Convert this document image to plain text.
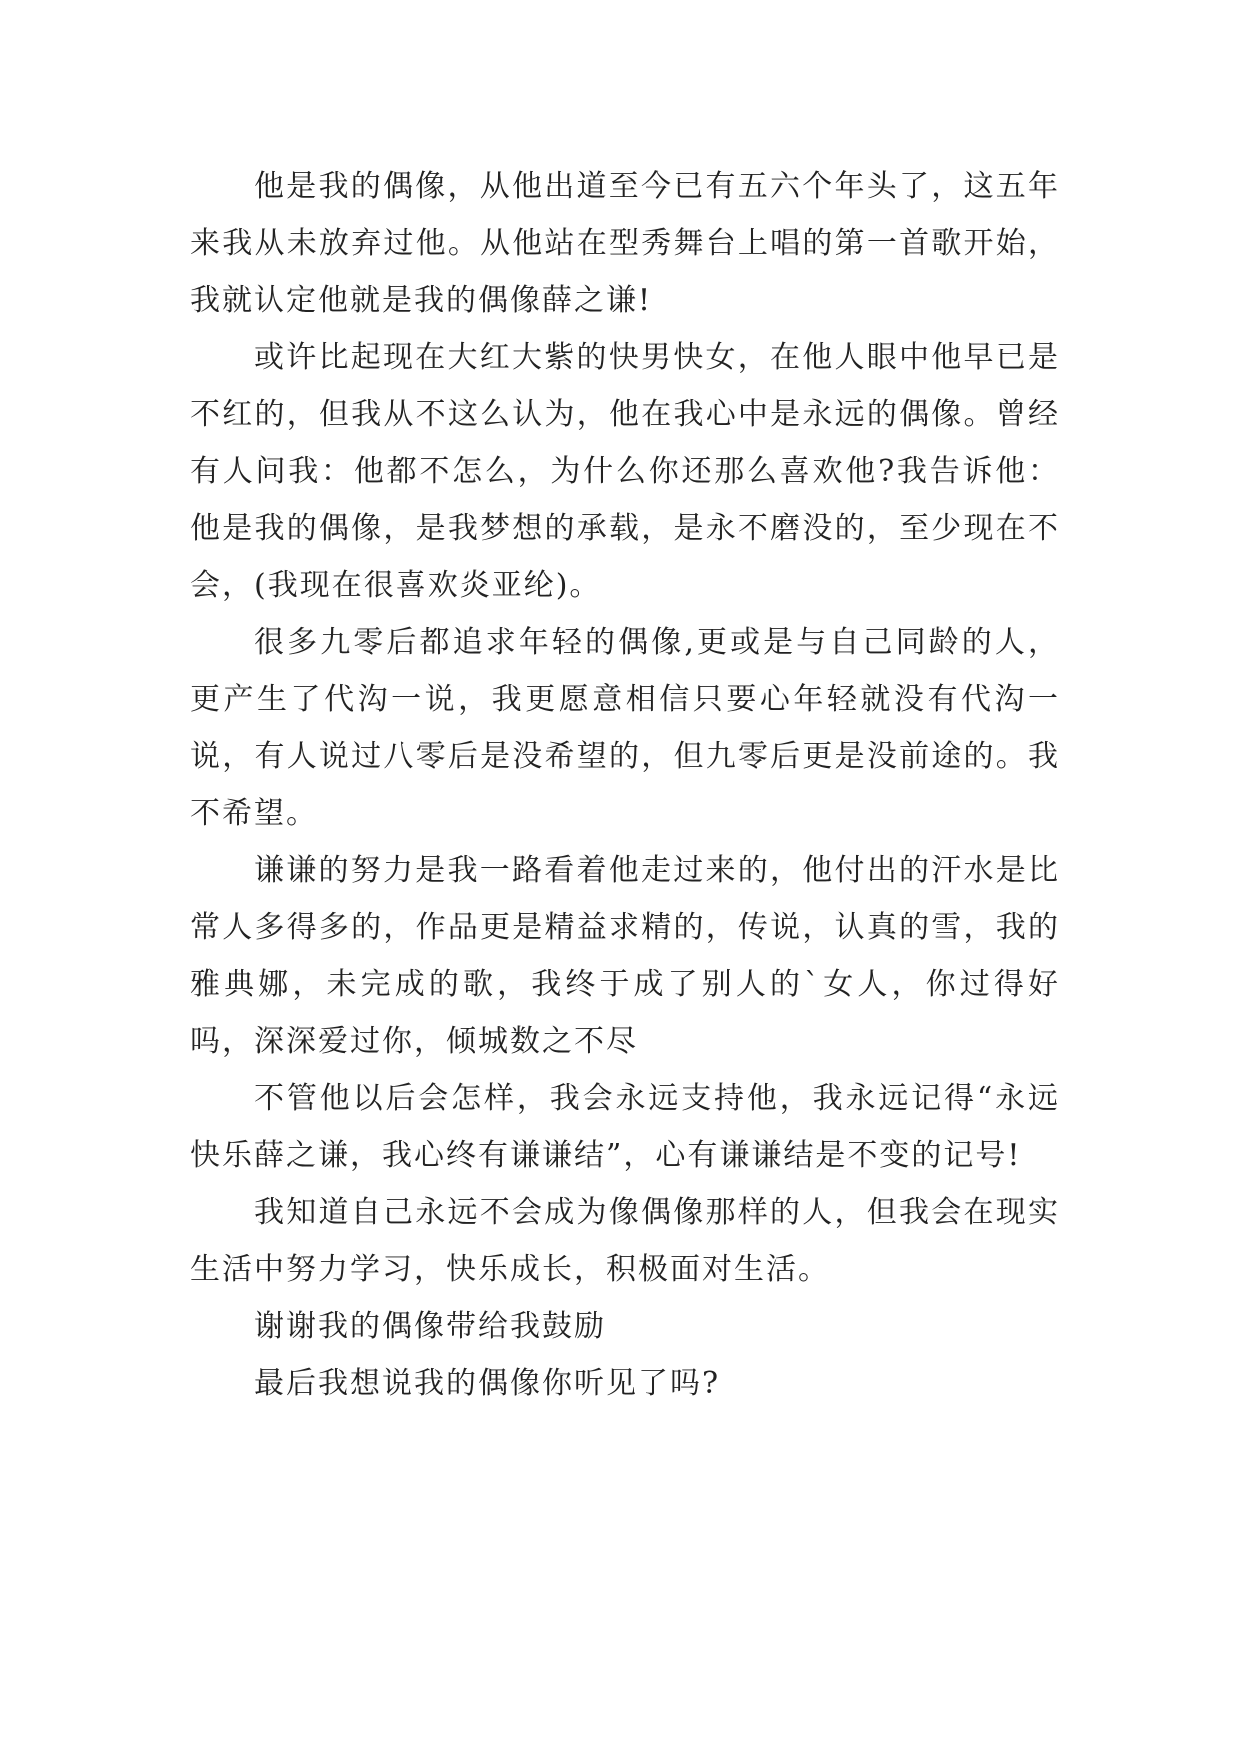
他是我的偶像，从他出道至今已有五六个年头了，这五年来我从未放弃过他。从他站在型秀舞台上唱的第一首歌开始，我就认定他就是我的偶像薛之谦!

或许比起现在大红大紫的快男快女，在他人眼中他早已是不红的，但我从不这么认为，他在我心中是永远的偶像。曾经有人问我：他都不怎么，为什么你还那么喜欢他?我告诉他：他是我的偶像，是我梦想的承载，是永不磨没的，至少现在不会，(我现在很喜欢炎亚纶)。

很多九零后都追求年轻的偶像,更或是与自己同龄的人，更产生了代沟一说，我更愿意相信只要心年轻就没有代沟一说，有人说过八零后是没希望的，但九零后更是没前途的。我不希望。

谦谦的努力是我一路看着他走过来的，他付出的汗水是比常人多得多的，作品更是精益求精的，传说，认真的雪，我的雅典娜，未完成的歌，我终于成了别人的`女人，你过得好吗，深深爱过你，倾城数之不尽

不管他以后会怎样，我会永远支持他，我永远记得“永远快乐薛之谦，我心终有谦谦结”，心有谦谦结是不变的记号!

我知道自己永远不会成为像偶像那样的人，但我会在现实生活中努力学习，快乐成长，积极面对生活。

谢谢我的偶像带给我鼓励

最后我想说我的偶像你听见了吗?
